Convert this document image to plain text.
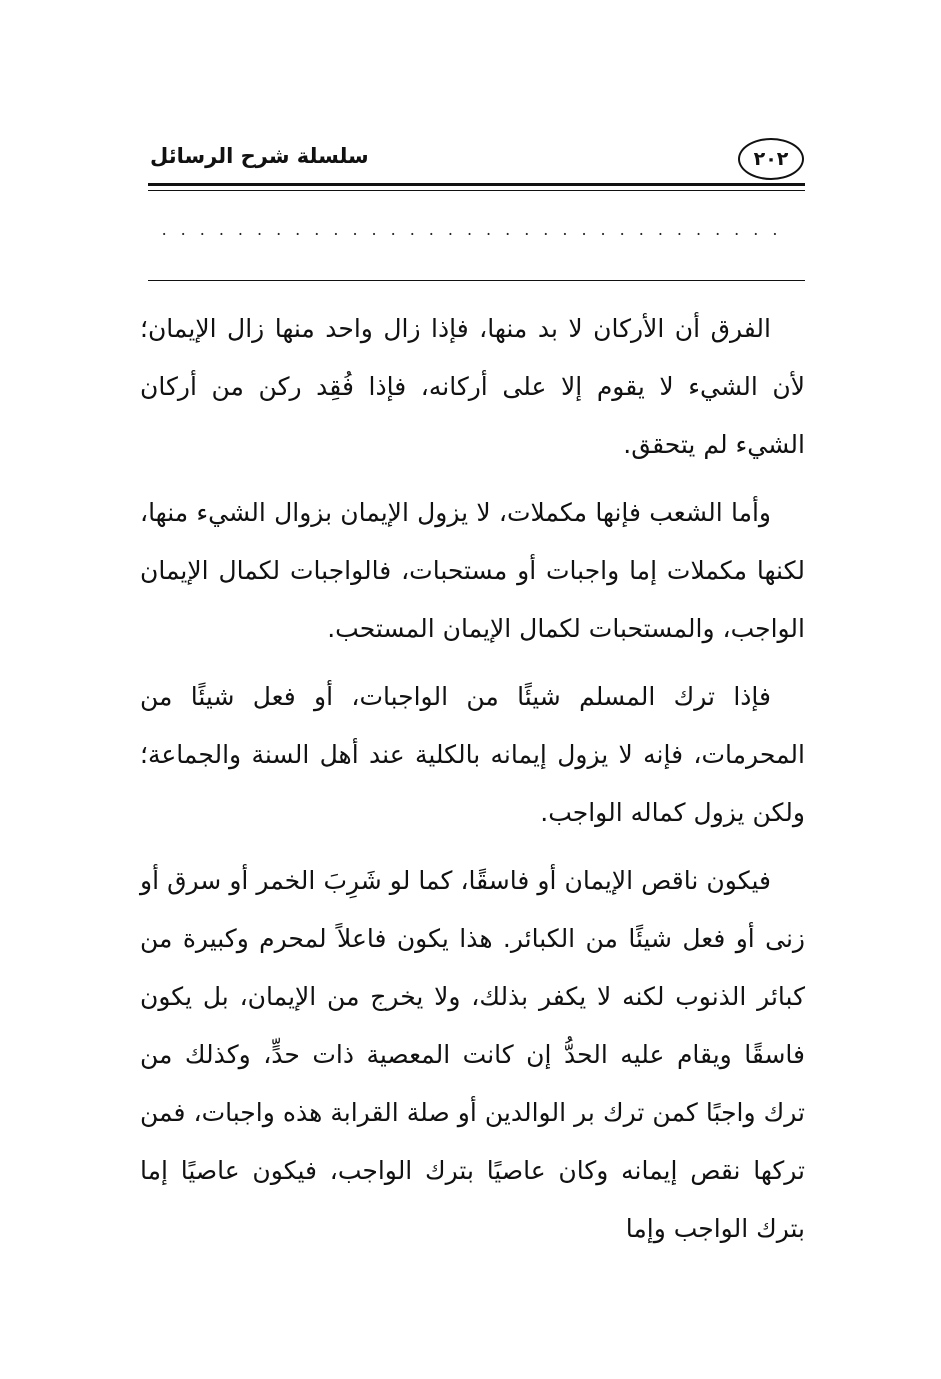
٢٠٢
سلسلة شرح الرسائل
.................................

الفرق أن الأركان لا بد منها، فإذا زال واحد منها زال الإيمان؛ لأن الشيء لا يقوم إلا على أركانه، فإذا فُقِد ركن من أركان الشيء لم يتحقق.

وأما الشعب فإنها مكملات، لا يزول الإيمان بزوال الشيء منها، لكنها مكملات إما واجبات أو مستحبات، فالواجبات لكمال الإيمان الواجب، والمستحبات لكمال الإيمان المستحب.

فإذا ترك المسلم شيئًا من الواجبات، أو فعل شيئًا من المحرمات، فإنه لا يزول إيمانه بالكلية عند أهل السنة والجماعة؛ ولكن يزول كماله الواجب.

فيكون ناقص الإيمان أو فاسقًا، كما لو شَرِبَ الخمر أو سرق أو زنى أو فعل شيئًا من الكبائر. هذا يكون فاعلاً لمحرم وكبيرة من كبائر الذنوب لكنه لا يكفر بذلك، ولا يخرج من الإيمان، بل يكون فاسقًا ويقام عليه الحدُّ إن كانت المعصية ذات حدٍّ، وكذلك من ترك واجبًا كمن ترك بر الوالدين أو صلة القرابة هذه واجبات، فمن تركها نقص إيمانه وكان عاصيًا بترك الواجب، فيكون عاصيًا إما بترك الواجب وإما
